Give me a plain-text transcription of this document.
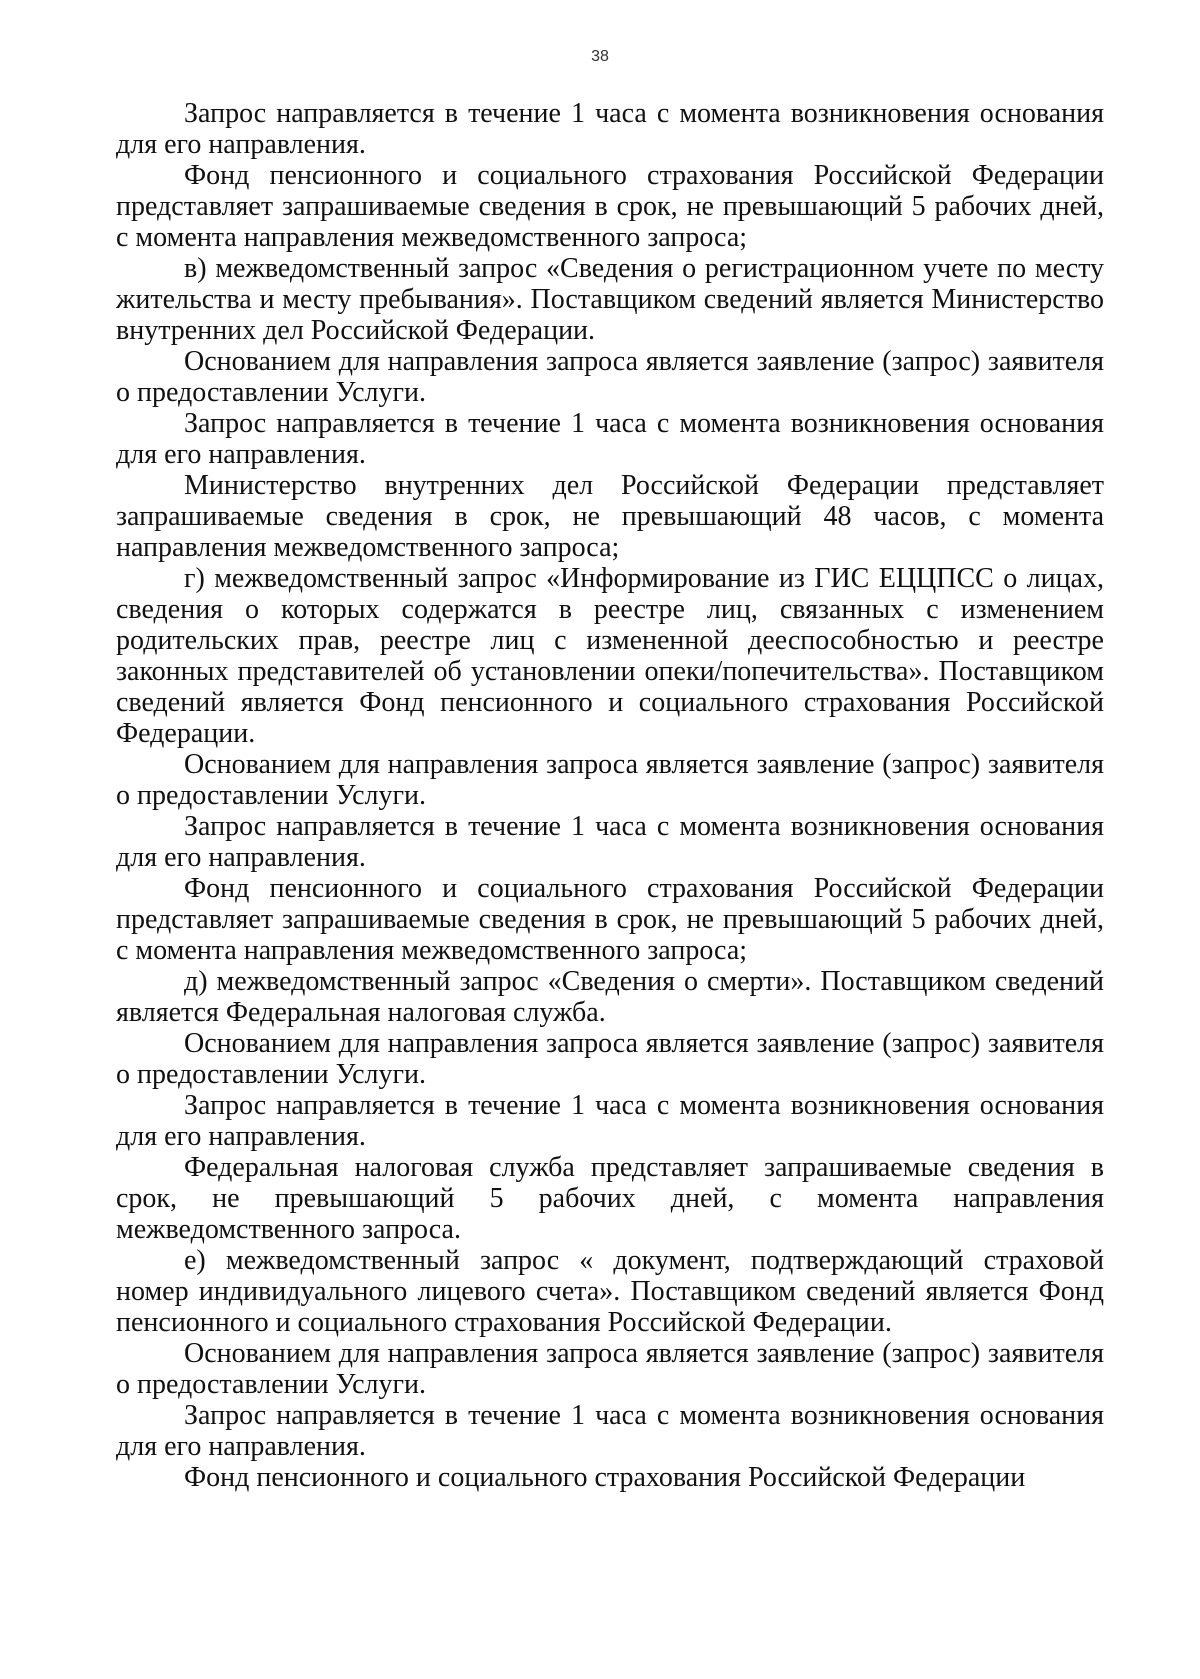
38

Запрос направляется в течение 1 часа с момента возникновения основания для его направления.

Фонд пенсионного и социального страхования Российской Федерации представляет запрашиваемые сведения в срок, не превышающий 5 рабочих дней, с момента направления межведомственного запроса;

в) межведомственный запрос «Сведения о регистрационном учете по месту жительства и месту пребывания». Поставщиком сведений является Министерство внутренних дел Российской Федерации.

Основанием для направления запроса является заявление (запрос) заявителя о предоставлении Услуги.

Запрос направляется в течение 1 часа с момента возникновения основания для его направления.

Министерство внутренних дел Российской Федерации представляет запрашиваемые сведения в срок, не превышающий 48 часов, с момента направления межведомственного запроса;

г) межведомственный запрос «Информирование из ГИС ЕЦЦПСС о лицах, сведения о которых содержатся в реестре лиц, связанных с изменением родительских прав, реестре лиц с измененной дееспособностью и реестре законных представителей об установлении опеки/попечительства». Поставщиком сведений является Фонд пенсионного и социального страхования Российской Федерации.

Основанием для направления запроса является заявление (запрос) заявителя о предоставлении Услуги.

Запрос направляется в течение 1 часа с момента возникновения основания для его направления.

Фонд пенсионного и социального страхования Российской Федерации представляет запрашиваемые сведения в срок, не превышающий 5 рабочих дней, с момента направления межведомственного запроса;

д) межведомственный запрос «Сведения о смерти». Поставщиком сведений является Федеральная налоговая служба.

Основанием для направления запроса является заявление (запрос) заявителя о предоставлении Услуги.

Запрос направляется в течение 1 часа с момента возникновения основания для его направления.

Федеральная налоговая служба представляет запрашиваемые сведения в срок, не превышающий 5 рабочих дней, с момента направления межведомственного запроса.

е) межведомственный запрос « документ, подтверждающий страховой номер индивидуального лицевого счета». Поставщиком сведений является Фонд пенсионного и социального страхования Российской Федерации.

Основанием для направления запроса является заявление (запрос) заявителя о предоставлении Услуги.

Запрос направляется в течение 1 часа с момента возникновения основания для его направления.

Фонд пенсионного и социального страхования Российской Федерации
